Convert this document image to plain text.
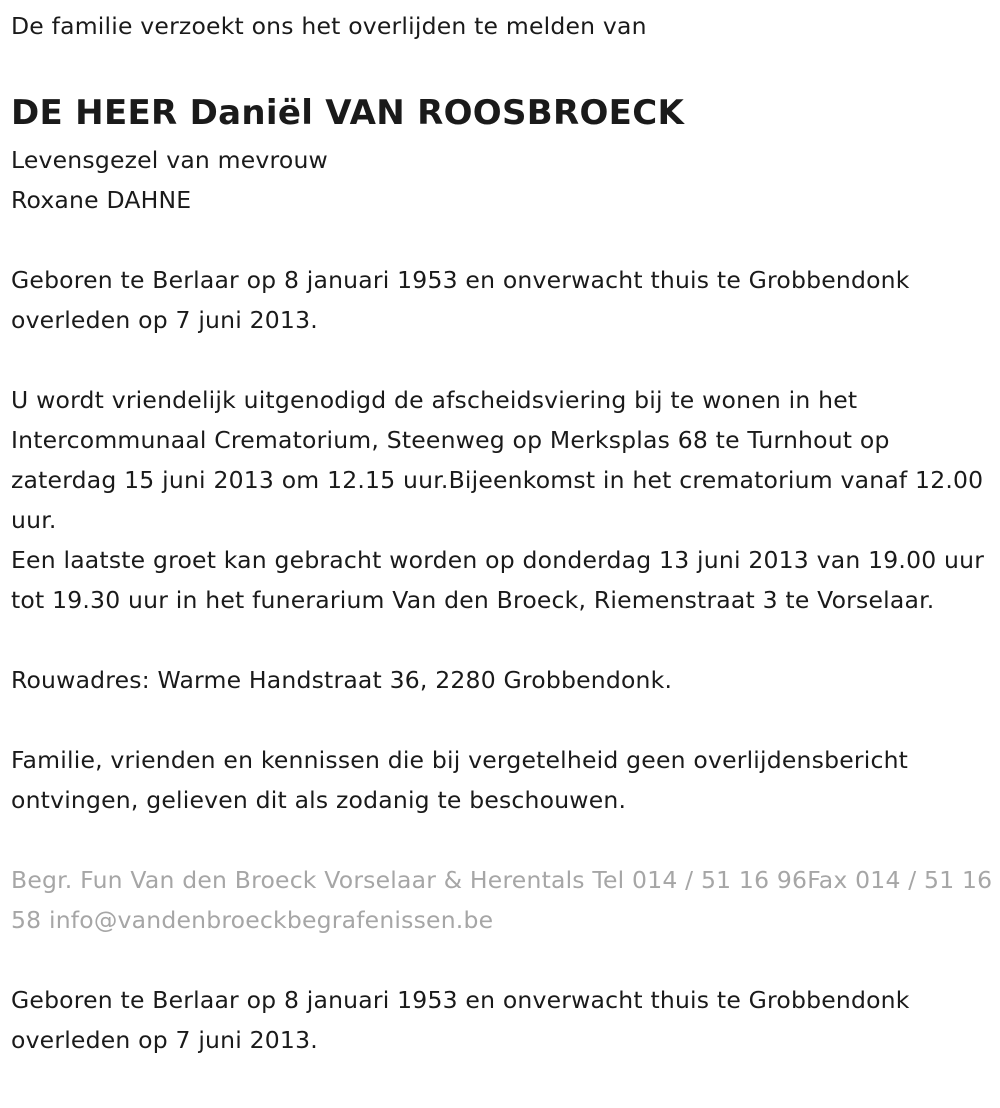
De familie verzoekt ons het overlijden te melden van

DE HEER Daniël VAN ROOSBROECK

Levensgezel van mevrouw

Roxane DAHNE

Geboren te Berlaar op 8 januari 1953 en onverwacht thuis te Grobbendonk overleden op 7 juni 2013.

U wordt vriendelijk uitgenodigd de afscheidsviering bij te wonen in het Intercommunaal Crematorium, Steenweg op Merksplas 68 te Turnhout op zaterdag 15 juni 2013 om 12.15 uur.Bijeenkomst in het crematorium vanaf 12.00 uur.

Een laatste groet kan gebracht worden op donderdag 13 juni 2013 van 19.00 uur tot 19.30 uur in het funerarium Van den Broeck, Riemenstraat 3 te Vorselaar.

Rouwadres: Warme Handstraat 36, 2280 Grobbendonk.

Familie, vrienden en kennissen die bij vergetelheid geen overlijdensbericht ontvingen, gelieven dit als zodanig te beschouwen.

Begr. Fun Van den Broeck Vorselaar & Herentals Tel 014 / 51 16 96Fax 014 / 51 16 58 info@vandenbroeckbegrafenissen.be

Geboren te Berlaar op 8 januari 1953 en onverwacht thuis te Grobbendonk overleden op 7 juni 2013.
